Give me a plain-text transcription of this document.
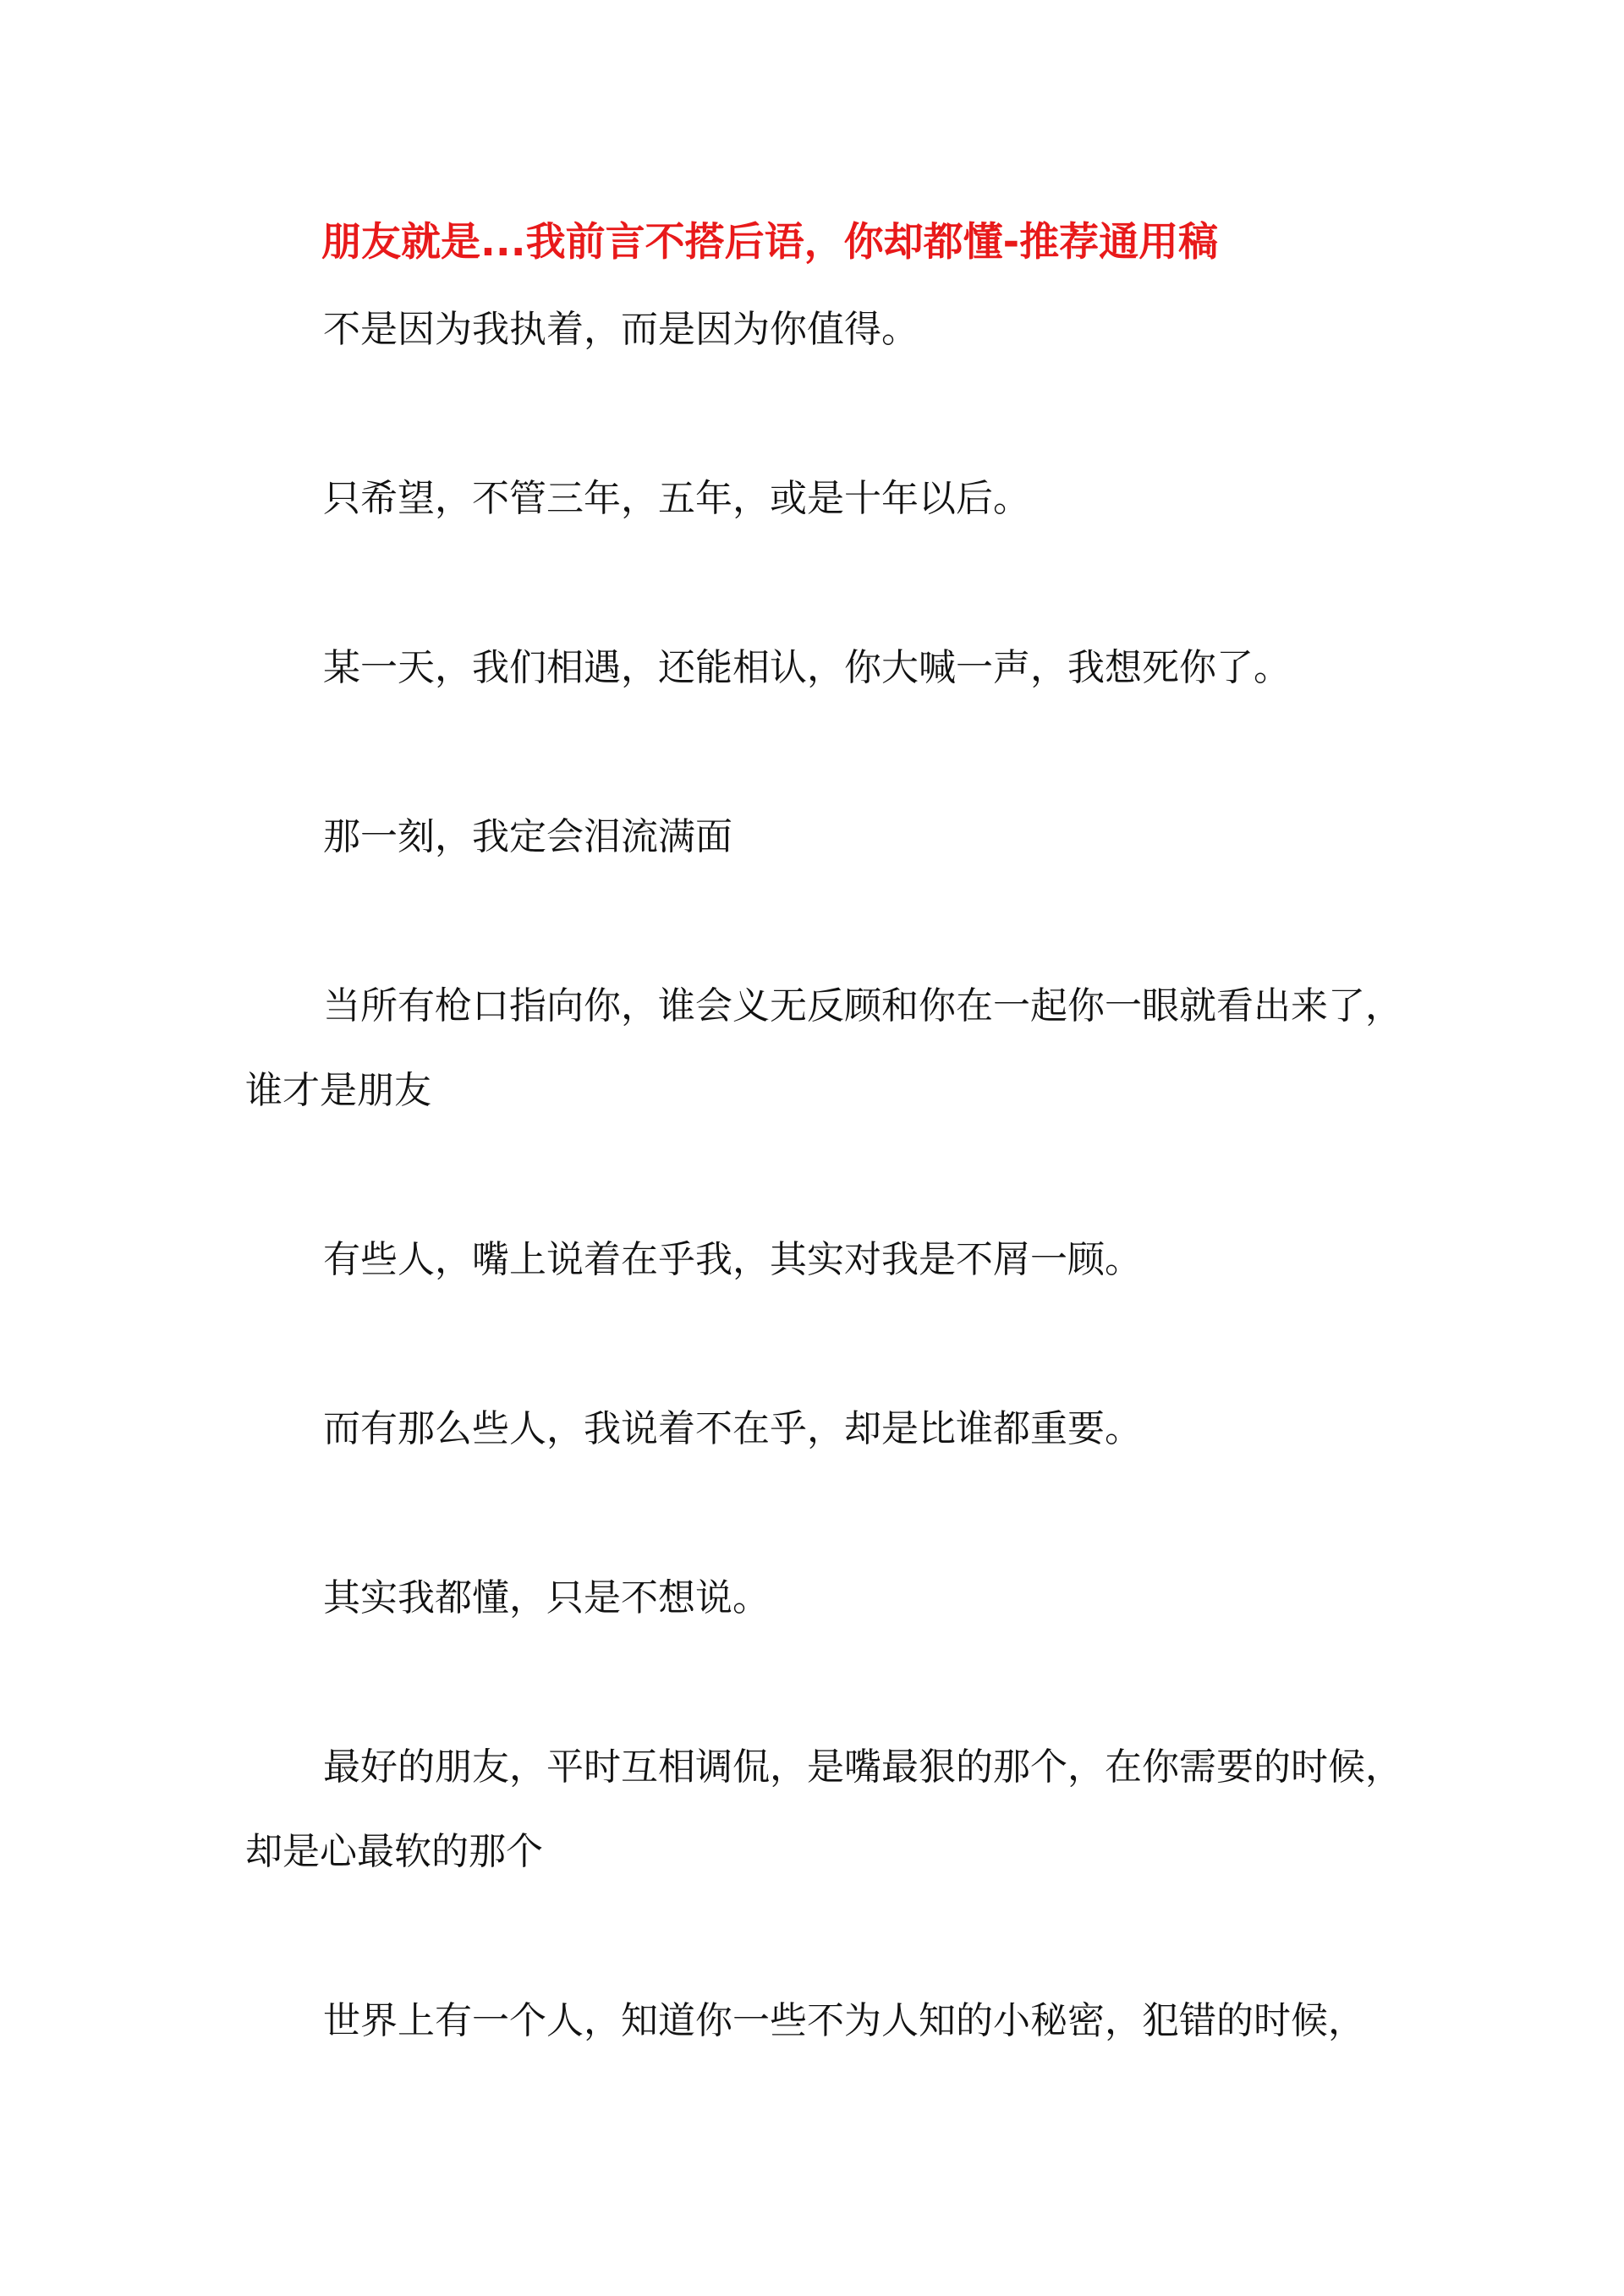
朋友就是...我前言不搭后语，你却都懂-推荐通用稿

不是因为我执着，而是因为你值得。

只希望，不管三年，五年，或是十年以后。

某一天，我们相遇，还能相认，你大喊一声，我想死你了。

那一刻，我定会泪流满面

当所有枪口指向你，谁会义无反顾和你在一起你一眼就看出来了，谁才是朋友

有些人，嘴上说着在乎我，其实对我是不屑一顾。

而有那么些人，我说着不在乎，却是比谁都重要。

其实我都懂，只是不想说。

最好的朋友，平时互相调侃，是嘴最狠的那个，在你需要的时候，却是心最软的那个

世界上有一个人，知道你一些不为人知的小秘密，犯错的时候，
